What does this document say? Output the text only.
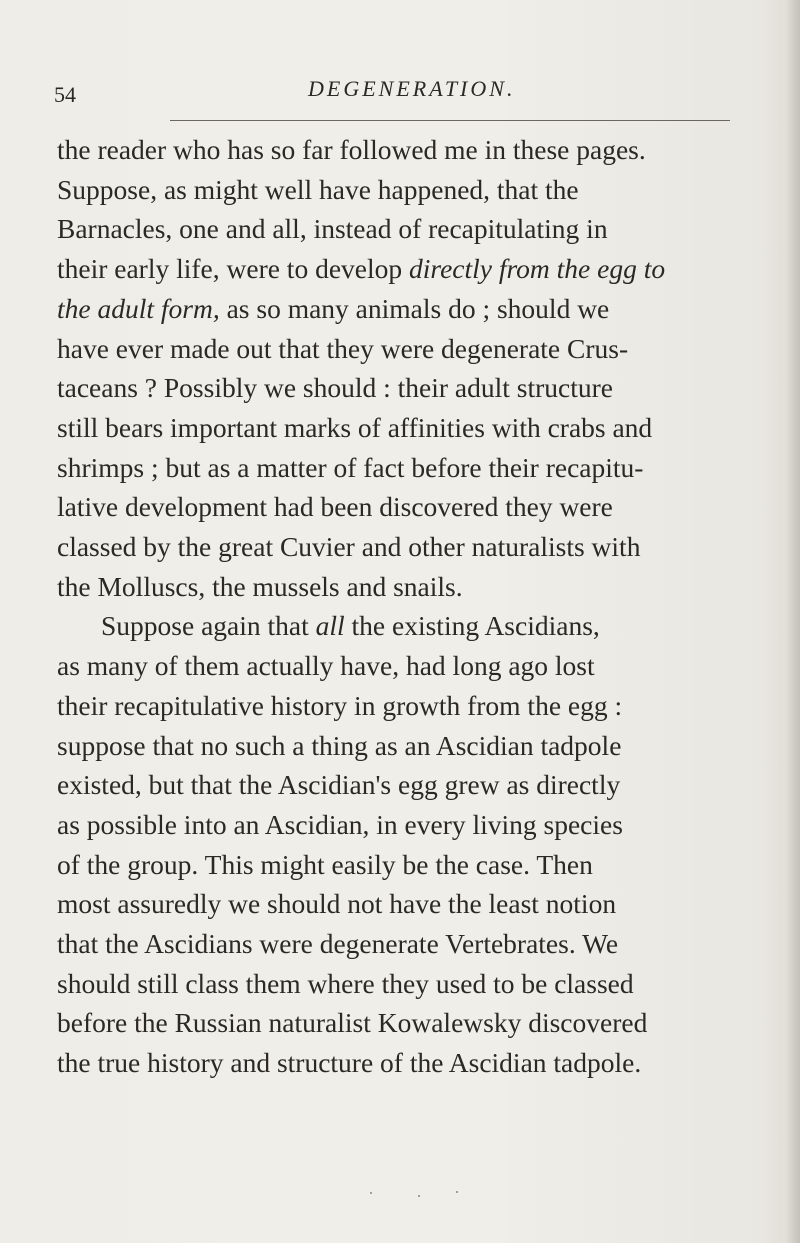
54	DEGENERATION.
the reader who has so far followed me in these pages.
Suppose, as might well have happened, that the
Barnacles, one and all, instead of recapitulating in
their early life, were to develop directly from the egg to
the adult form, as so many animals do ; should we
have ever made out that they were degenerate Crus-
taceans ? Possibly we should : their adult structure
still bears important marks of affinities with crabs and
shrimps ; but as a matter of fact before their recapitu-
lative development had been discovered they were
classed by the great Cuvier and other naturalists with
the Molluscs, the mussels and snails.
Suppose again that all the existing Ascidians,
as many of them actually have, had long ago lost
their recapitulative history in growth from the egg :
suppose that no such a thing as an Ascidian tadpole
existed, but that the Ascidian's egg grew as directly
as possible into an Ascidian, in every living species
of the group. This might easily be the case. Then
most assuredly we should not have the least notion
that the Ascidians were degenerate Vertebrates. We
should still class them where they used to be classed
before the Russian naturalist Kowalewsky discovered
the true history and structure of the Ascidian tadpole.
